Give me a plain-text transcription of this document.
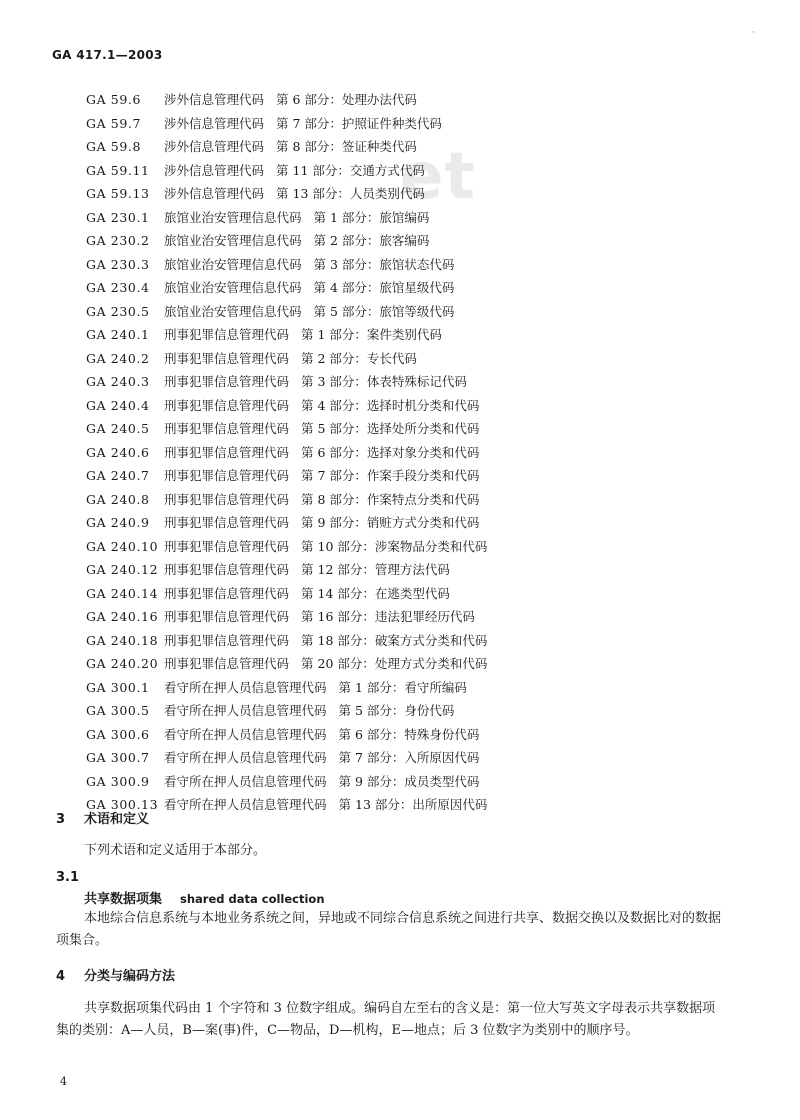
·
GA 417.1—2003
et
GA 59.6	涉外信息管理代码 第 6 部分：处理办法代码
GA 59.7	涉外信息管理代码 第 7 部分：护照证件种类代码
GA 59.8	涉外信息管理代码 第 8 部分：签证种类代码
GA 59.11	涉外信息管理代码 第 11 部分：交通方式代码
GA 59.13	涉外信息管理代码 第 13 部分：人员类别代码
GA 230.1	旅馆业治安管理信息代码 第 1 部分：旅馆编码
GA 230.2	旅馆业治安管理信息代码 第 2 部分：旅客编码
GA 230.3	旅馆业治安管理信息代码 第 3 部分：旅馆状态代码
GA 230.4	旅馆业治安管理信息代码 第 4 部分：旅馆星级代码
GA 230.5	旅馆业治安管理信息代码 第 5 部分：旅馆等级代码
GA 240.1	刑事犯罪信息管理代码 第 1 部分：案件类别代码
GA 240.2	刑事犯罪信息管理代码 第 2 部分：专长代码
GA 240.3	刑事犯罪信息管理代码 第 3 部分：体表特殊标记代码
GA 240.4	刑事犯罪信息管理代码 第 4 部分：选择时机分类和代码
GA 240.5	刑事犯罪信息管理代码 第 5 部分：选择处所分类和代码
GA 240.6	刑事犯罪信息管理代码 第 6 部分：选择对象分类和代码
GA 240.7	刑事犯罪信息管理代码 第 7 部分：作案手段分类和代码
GA 240.8	刑事犯罪信息管理代码 第 8 部分：作案特点分类和代码
GA 240.9	刑事犯罪信息管理代码 第 9 部分：销赃方式分类和代码
GA 240.10 刑事犯罪信息管理代码 第 10 部分：涉案物品分类和代码
GA 240.12 刑事犯罪信息管理代码 第 12 部分：管理方法代码
GA 240.14 刑事犯罪信息管理代码 第 14 部分：在逃类型代码
GA 240.16 刑事犯罪信息管理代码 第 16 部分：违法犯罪经历代码
GA 240.18 刑事犯罪信息管理代码 第 18 部分：破案方式分类和代码
GA 240.20 刑事犯罪信息管理代码 第 20 部分：处理方式分类和代码
GA 300.1	看守所在押人员信息管理代码 第 1 部分：看守所编码
GA 300.5	看守所在押人员信息管理代码 第 5 部分：身份代码
GA 300.6	看守所在押人员信息管理代码 第 6 部分：特殊身份代码
GA 300.7	看守所在押人员信息管理代码 第 7 部分：入所原因代码
GA 300.9	看守所在押人员信息管理代码 第 9 部分：成员类型代码
GA 300.13 看守所在押人员信息管理代码 第 13 部分：出所原因代码
3 术语和定义
下列术语和定义适用于本部分。
3.1
共享数据项集 shared data collection
本地综合信息系统与本地业务系统之间，异地或不同综合信息系统之间进行共享、数据交换以及数据比对的数据项集合。
4 分类与编码方法
共享数据项集代码由 1 个字符和 3 位数字组成。编码自左至右的含义是：第一位大写英文字母表示共享数据项集的类别：A—人员，B—案(事)件，C—物品，D—机构，E—地点；后 3 位数字为类别中的顺序号。
4
